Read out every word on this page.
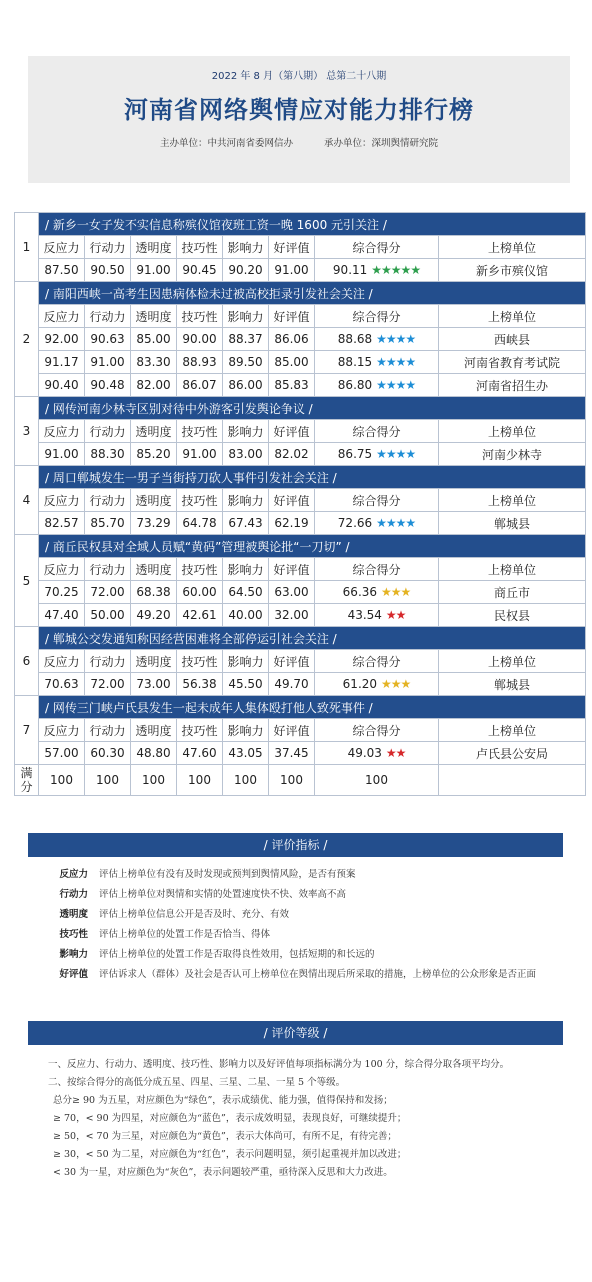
2022 年 8 月（第八期） 总第二十八期
河南省网络舆情应对能力排行榜
主办单位：中共河南省委网信办	承办单位：深圳舆情研究院
1	/ 新乡一女子发不实信息称殡仪馆夜班工资一晚 1600 元引关注 /							
	反应力	行动力	透明度	技巧性	影响力	好评值	综合得分	上榜单位
	87.50	90.50	91.00	90.45	90.20	91.00	90.11 ★★★★★	新乡市殡仪馆
2	/ 南阳西峡一高考生因患病体检未过被高校拒录引发社会关注 /							
	反应力	行动力	透明度	技巧性	影响力	好评值	综合得分	上榜单位
	92.00	90.63	85.00	90.00	88.37	86.06	88.68 ★★★★	西峡县
	91.17	91.00	83.30	88.93	89.50	85.00	88.15 ★★★★	河南省教育考试院
	90.40	90.48	82.00	86.07	86.00	85.83	86.80 ★★★★	河南省招生办
3	/ 网传河南少林寺区别对待中外游客引发舆论争议 /							
	反应力	行动力	透明度	技巧性	影响力	好评值	综合得分	上榜单位
	91.00	88.30	85.20	91.00	83.00	82.02	86.75 ★★★★	河南少林寺
4	/ 周口郸城发生一男子当街持刀砍人事件引发社会关注 /							
	反应力	行动力	透明度	技巧性	影响力	好评值	综合得分	上榜单位
	82.57	85.70	73.29	64.78	67.43	62.19	72.66 ★★★★	郸城县
5	/ 商丘民权县对全域人员赋“黄码”管理被舆论批“一刀切” /							
	反应力	行动力	透明度	技巧性	影响力	好评值	综合得分	上榜单位
	70.25	72.00	68.38	60.00	64.50	63.00	66.36 ★★★	商丘市
	47.40	50.00	49.20	42.61	40.00	32.00	43.54 ★★	民权县
6	/ 郸城公交发通知称因经营困难将全部停运引社会关注 /							
	反应力	行动力	透明度	技巧性	影响力	好评值	综合得分	上榜单位
	70.63	72.00	73.00	56.38	45.50	49.70	61.20 ★★★	郸城县
7	/ 网传三门峡卢氏县发生一起未成年人集体殴打他人致死事件 /							
	反应力	行动力	透明度	技巧性	影响力	好评值	综合得分	上榜单位
	57.00	60.30	48.80	47.60	43.05	37.45	49.03 ★★	卢氏县公安局

满
分	100	100	100	100	100	100	100	
/ 评价指标 /
反应力 评估上榜单位有没有及时发现或预判到舆情风险，是否有预案
行动力 评估上榜单位对舆情和实情的处置速度快不快、效率高不高
透明度 评估上榜单位信息公开是否及时、充分、有效
技巧性 评估上榜单位的处置工作是否恰当、得体
影响力 评估上榜单位的处置工作是否取得良性效用，包括短期的和长远的
好评值 评估诉求人（群体）及社会是否认可上榜单位在舆情出现后所采取的措施，上榜单位的公众形象是否正面
/ 评价等级 /

一、反应力、行动力、透明度、技巧性、影响力以及好评值每项指标满分为 100 分，综合得分取各项平均分。

二、按综合得分的高低分成五星、四星、三星、二星、一星 5 个等级。

总分≥ 90 为五星，对应颜色为“绿色”，表示成绩优、能力强，值得保持和发扬；

≥ 70，< 90 为四星，对应颜色为“蓝色”，表示成效明显，表现良好，可继续提升；

≥ 50，< 70 为三星，对应颜色为“黄色”，表示大体尚可，有所不足，有待完善；

≥ 30，< 50 为二星，对应颜色为“红色”，表示问题明显，须引起重视并加以改进；

< 30 为一星，对应颜色为“灰色”，表示问题较严重，亟待深入反思和大力改进。
